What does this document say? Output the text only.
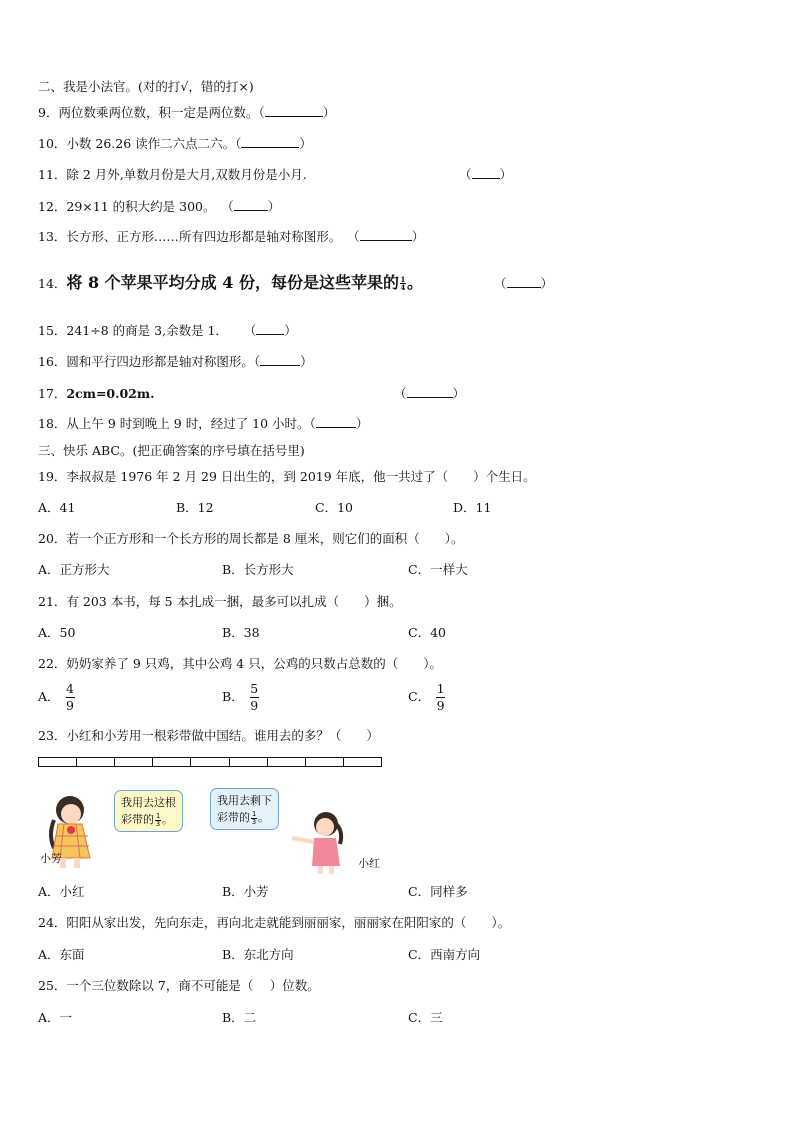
二、我是小法官。(对的打√，错的打×)
9．两位数乘两位数，积一定是两位数。（	）
10．小数 26.26 读作二六点二六。（	）
11．除 2 月外,单数月份是大月,双数月份是小月.	（ ）
12．29×11 的积大约是 300。 （	）
13．长方形、正方形……所有四边形都是轴对称图形。 （	）
14．将 8 个苹果平均分成 4 份，每份是这些苹果的 $\frac{1}{4}$ 。	（	）
15．241÷8 的商是 3,余数是 1． （ ）
16．圆和平行四边形都是轴对称图形。（	）
17．2cm=0.02m.	（	）
18．从上午 9 时到晚上 9 时，经过了 10 小时。（	）
三、快乐 ABC。(把正确答案的序号填在括号里)
19．李叔叔是 1976 年 2 月 29 日出生的，到 2019 年底，他一共过了（　　）个生日。
A．41	B．12	C．10	D．11
20．若一个正方形和一个长方形的周长都是 8 厘米，则它们的面积（　　）。
A．正方形大	B．长方形大	C．一样大
21．有 203 本书，每 5 本扎成一捆，最多可以扎成（　　）捆。
A．50	B．38	C．40
22．奶奶家养了 9 只鸡，其中公鸡 4 只，公鸡的只数占总数的（　　）。
A． $\frac{4}{9}$	B． $\frac{5}{9}$	C． $\frac{1}{9}$
23．小红和小芳用一根彩带做中国结。谁用去的多？（　　）
小芳
我用去这根
彩带的 $\frac{1}{3}$ 。
我用去剩下
彩带的 $\frac{1}{3}$ 。
小红
A．小红	B．小芳	C．同样多
24．阳阳从家出发，先向东走，再向北走就能到丽丽家，丽丽家在阳阳家的（　　）。
A．东面	B．东北方向	C．西南方向
25．一个三位数除以 7，商不可能是（　 ）位数。
A．一	B．二	C．三
